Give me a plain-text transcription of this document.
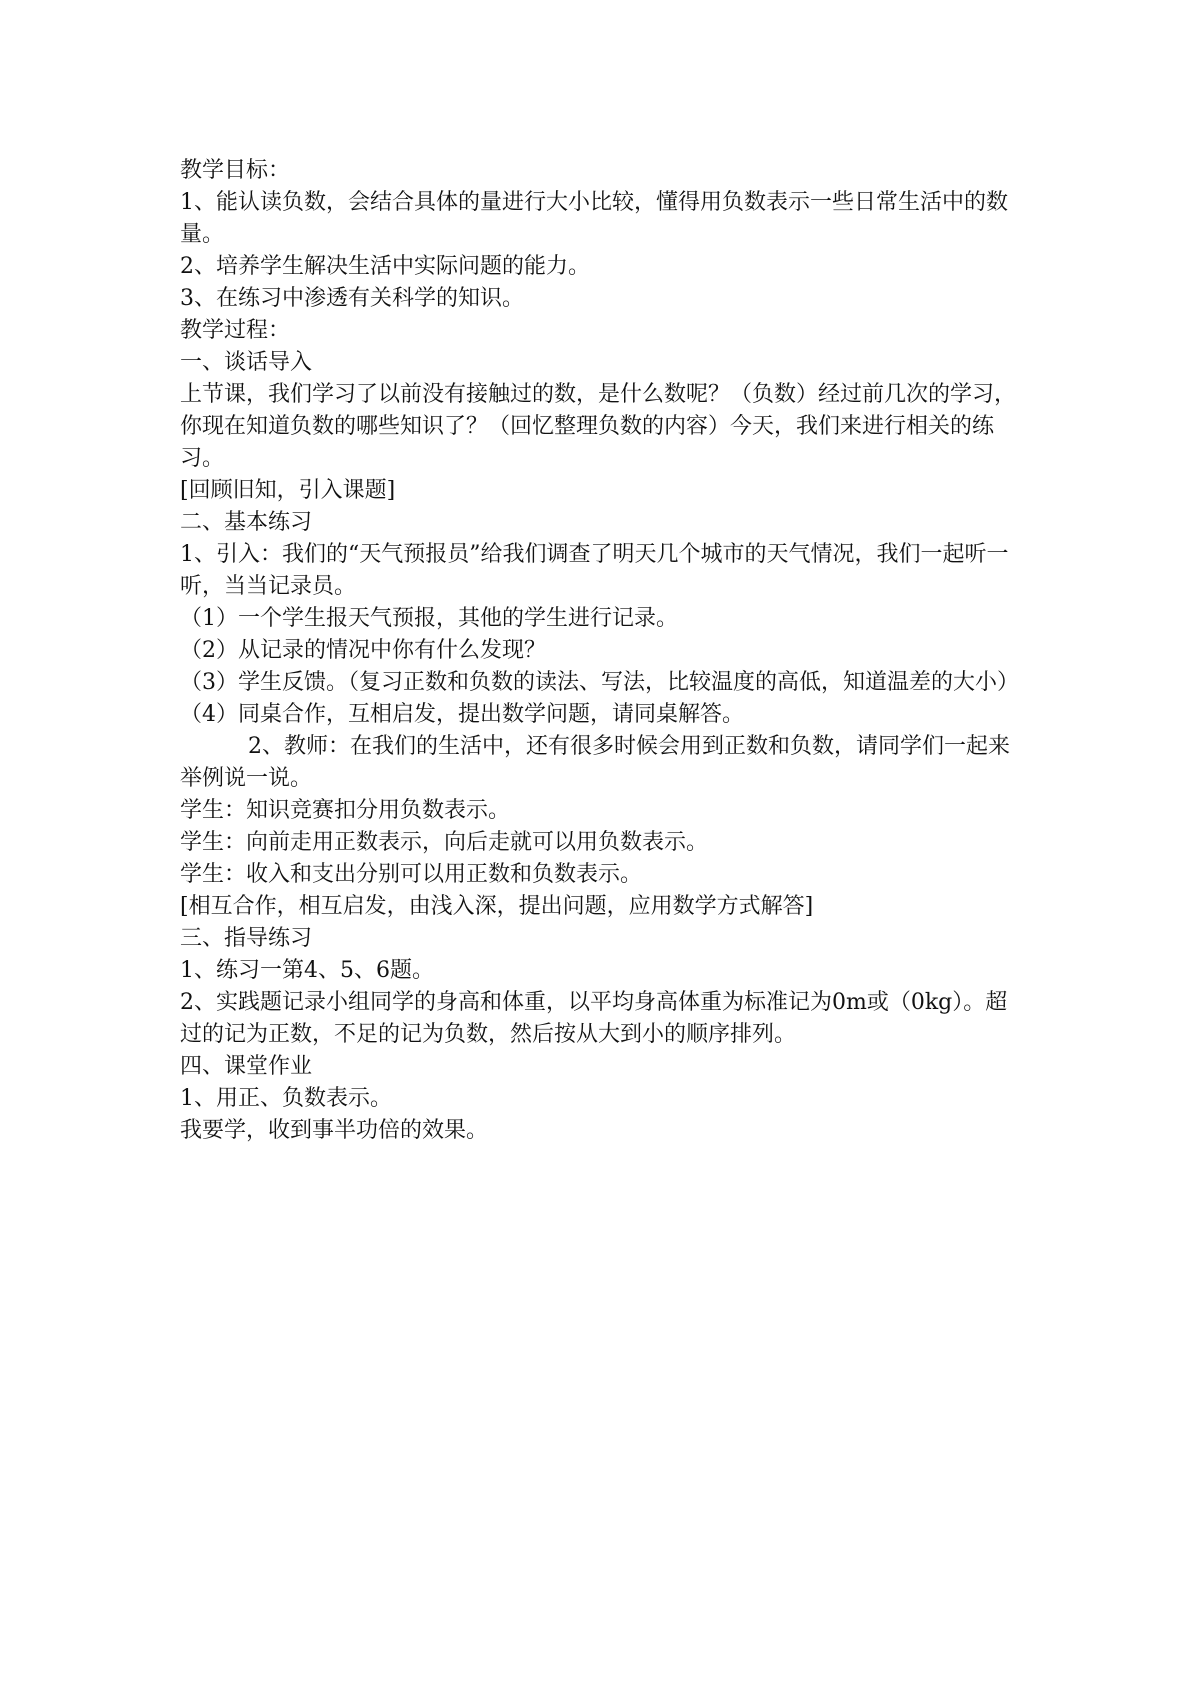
教学目标：

1、能认读负数，会结合具体的量进行大小比较，懂得用负数表示一些日常生活中的数量。

2、培养学生解决生活中实际问题的能力。

3、在练习中渗透有关科学的知识。

教学过程：

一、谈话导入

上节课，我们学习了以前没有接触过的数，是什么数呢？（负数）经过前几次的学习，你现在知道负数的哪些知识了？（回忆整理负数的内容）今天，我们来进行相关的练习。

[回顾旧知，引入课题]

二、基本练习

1、引入：我们的“天气预报员”给我们调查了明天几个城市的天气情况，我们一起听一听，当当记录员。

（1）一个学生报天气预报，其他的学生进行记录。

（2）从记录的情况中你有什么发现？

（3）学生反馈。（复习正数和负数的读法、写法，比较温度的高低，知道温差的大小）

（4）同桌合作，互相启发，提出数学问题，请同桌解答。

2、教师：在我们的生活中，还有很多时候会用到正数和负数，请同学们一起来举例说一说。

学生：知识竞赛扣分用负数表示。

学生：向前走用正数表示，向后走就可以用负数表示。

学生：收入和支出分别可以用正数和负数表示。

[相互合作，相互启发，由浅入深，提出问题，应用数学方式解答]

三、指导练习

1、练习一第4、5、6题。

2、实践题记录小组同学的身高和体重，以平均身高体重为标准记为0m或（0kg）。超过的记为正数，不足的记为负数，然后按从大到小的顺序排列。

四、课堂作业

1、用正、负数表示。

我要学，收到事半功倍的效果。
